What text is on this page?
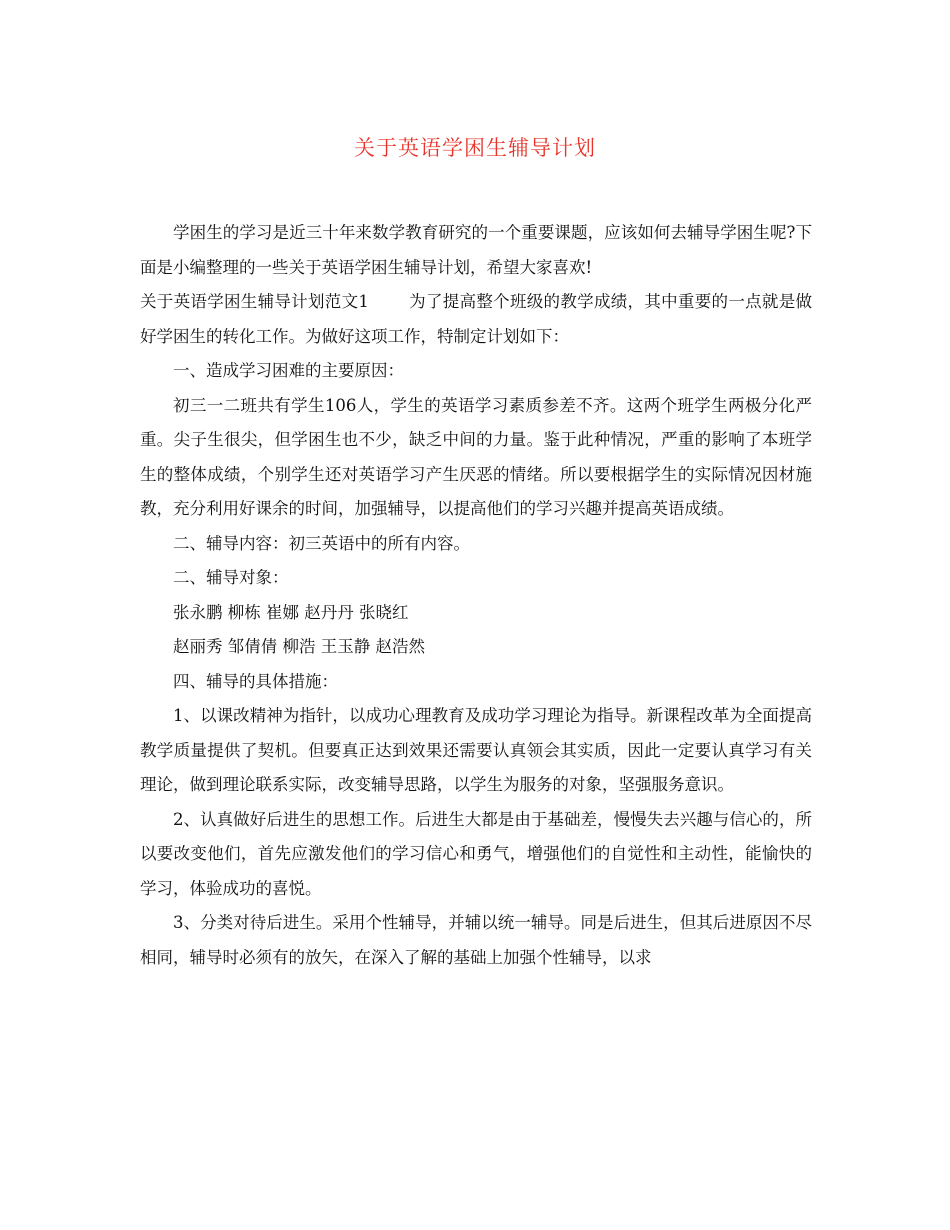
关于英语学困生辅导计划

学困生的学习是近三十年来数学教育研究的一个重要课题，应该如何去辅导学困生呢?下面是小编整理的一些关于英语学困生辅导计划，希望大家喜欢!

关于英语学困生辅导计划范文1 为了提高整个班级的教学成绩，其中重要的一点就是做好学困生的转化工作。为做好这项工作，特制定计划如下：

一、造成学习困难的主要原因：

初三一二班共有学生106人，学生的英语学习素质参差不齐。这两个班学生两极分化严重。尖子生很尖，但学困生也不少，缺乏中间的力量。鉴于此种情况，严重的影响了本班学生的整体成绩，个别学生还对英语学习产生厌恶的情绪。所以要根据学生的实际情况因材施教，充分利用好课余的时间，加强辅导，以提高他们的学习兴趣并提高英语成绩。

二、辅导内容：初三英语中的所有内容。

二、辅导对象：

张永鹏 柳栋 崔娜 赵丹丹 张晓红

赵丽秀 邹倩倩 柳浩 王玉静 赵浩然

四、辅导的具体措施：

1、以课改精神为指针，以成功心理教育及成功学习理论为指导。新课程改革为全面提高教学质量提供了契机。但要真正达到效果还需要认真领会其实质，因此一定要认真学习有关理论，做到理论联系实际，改变辅导思路，以学生为服务的对象，坚强服务意识。

2、认真做好后进生的思想工作。后进生大都是由于基础差，慢慢失去兴趣与信心的，所以要改变他们，首先应激发他们的学习信心和勇气，增强他们的自觉性和主动性，能愉快的学习，体验成功的喜悦。

3、分类对待后进生。采用个性辅导，并辅以统一辅导。同是后进生，但其后进原因不尽相同，辅导时必须有的放矢，在深入了解的基础上加强个性辅导，以求
